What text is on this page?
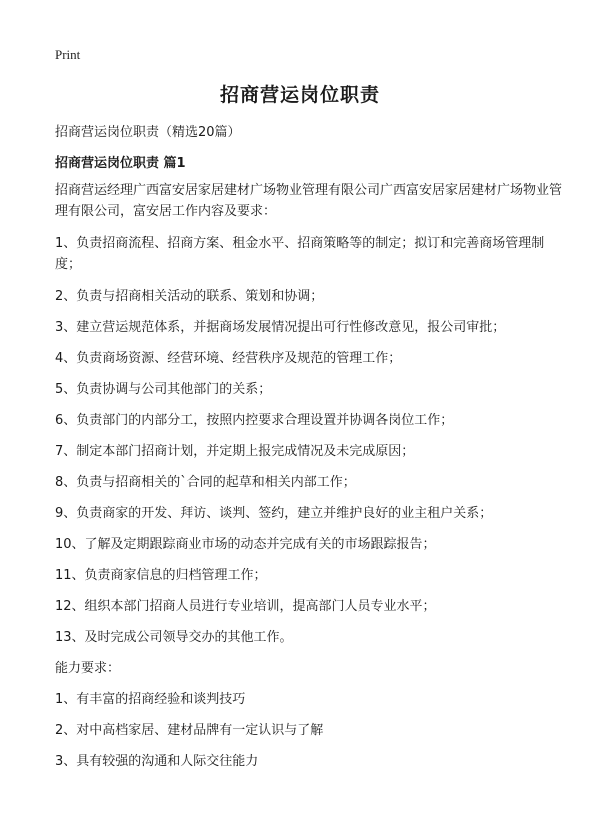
Print
招商营运岗位职责

招商营运岗位职责（精选20篇）

招商营运岗位职责 篇1

招商营运经理广西富安居家居建材广场物业管理有限公司广西富安居家居建材广场物业管理有限公司，富安居工作内容及要求：

1、负责招商流程、招商方案、租金水平、招商策略等的制定；拟订和完善商场管理制度；

2、负责与招商相关活动的联系、策划和协调；

3、建立营运规范体系，并据商场发展情况提出可行性修改意见，报公司审批；

4、负责商场资源、经营环境、经营秩序及规范的管理工作；

5、负责协调与公司其他部门的关系；

6、负责部门的内部分工，按照内控要求合理设置并协调各岗位工作；

7、制定本部门招商计划，并定期上报完成情况及未完成原因；

8、负责与招商相关的`合同的起草和相关内部工作；

9、负责商家的开发、拜访、谈判、签约，建立并维护良好的业主租户关系；

10、了解及定期跟踪商业市场的动态并完成有关的市场跟踪报告；

11、负责商家信息的归档管理工作；

12、组织本部门招商人员进行专业培训，提高部门人员专业水平；

13、及时完成公司领导交办的其他工作。

能力要求：

1、有丰富的招商经验和谈判技巧

2、对中高档家居、建材品牌有一定认识与了解

3、具有较强的沟通和人际交往能力
